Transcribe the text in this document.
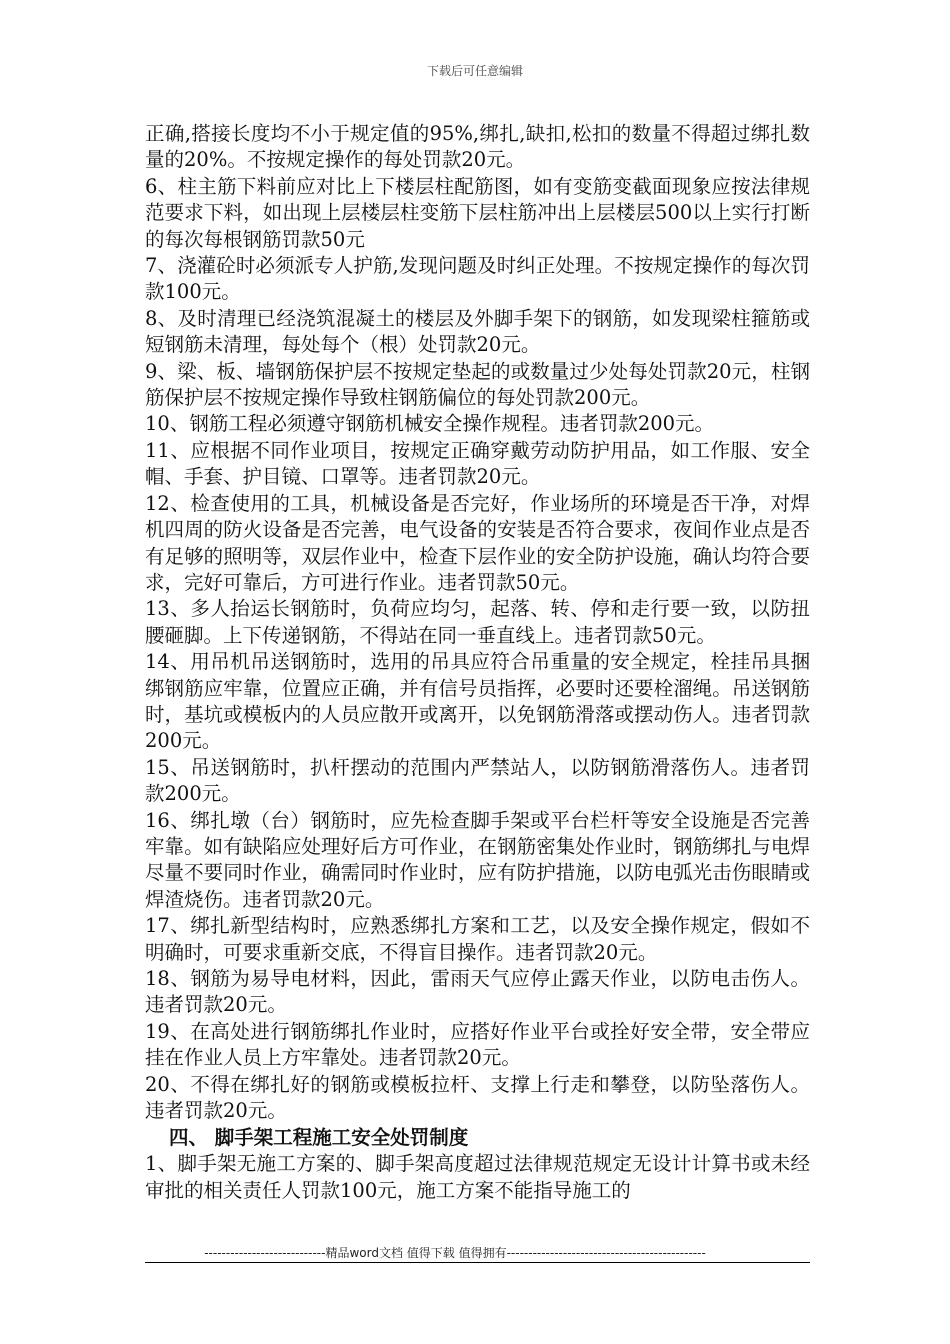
下载后可任意编辑

正确,搭接长度均不小于规定值的95%,绑扎,缺扣,松扣的数量不得超过绑扎数量的20%。不按规定操作的每处罚款20元。

6、柱主筋下料前应对比上下楼层柱配筋图，如有变筋变截面现象应按法律规范要求下料，如出现上层楼层柱变筋下层柱筋冲出上层楼层500以上实行打断的每次每根钢筋罚款50元

7、浇灌砼时必须派专人护筋,发现问题及时纠正处理。不按规定操作的每次罚款100元。

8、及时清理已经浇筑混凝土的楼层及外脚手架下的钢筋，如发现梁柱箍筋或短钢筋未清理，每处每个（根）处罚款20元。

9、梁、板、墙钢筋保护层不按规定垫起的或数量过少处每处罚款20元，柱钢筋保护层不按规定操作导致柱钢筋偏位的每处罚款200元。

10、钢筋工程必须遵守钢筋机械安全操作规程。违者罚款200元。

11、应根据不同作业项目，按规定正确穿戴劳动防护用品，如工作服、安全帽、手套、护目镜、口罩等。违者罚款20元。

12、检查使用的工具，机械设备是否完好，作业场所的环境是否干净，对焊机四周的防火设备是否完善，电气设备的安装是否符合要求，夜间作业点是否有足够的照明等，双层作业中，检查下层作业的安全防护设施，确认均符合要求，完好可靠后，方可进行作业。违者罚款50元。

13、多人抬运长钢筋时，负荷应均匀，起落、转、停和走行要一致，以防扭腰砸脚。上下传递钢筋，不得站在同一垂直线上。违者罚款50元。

14、用吊机吊送钢筋时，选用的吊具应符合吊重量的安全规定，栓挂吊具捆绑钢筋应牢靠，位置应正确，并有信号员指挥，必要时还要栓溜绳。吊送钢筋时，基坑或模板内的人员应散开或离开，以免钢筋滑落或摆动伤人。违者罚款200元。

15、吊送钢筋时，扒杆摆动的范围内严禁站人，以防钢筋滑落伤人。违者罚款200元。

16、绑扎墩（台）钢筋时，应先检查脚手架或平台栏杆等安全设施是否完善牢靠。如有缺陷应处理好后方可作业，在钢筋密集处作业时，钢筋绑扎与电焊尽量不要同时作业，确需同时作业时，应有防护措施，以防电弧光击伤眼睛或焊渣烧伤。违者罚款20元。

17、绑扎新型结构时，应熟悉绑扎方案和工艺，以及安全操作规定，假如不明确时，可要求重新交底，不得盲目操作。违者罚款20元。

18、钢筋为易导电材料，因此，雷雨天气应停止露天作业，以防电击伤人。违者罚款20元。

19、在高处进行钢筋绑扎作业时，应搭好作业平台或拴好安全带，安全带应挂在作业人员上方牢靠处。违者罚款20元。

20、不得在绑扎好的钢筋或模板拉杆、支撑上行走和攀登，以防坠落伤人。违者罚款20元。

四、 脚手架工程施工安全处罚制度

1、脚手架无施工方案的、脚手架高度超过法律规范规定无设计计算书或未经审批的相关责任人罚款100元，施工方案不能指导施工的

----------------------------精品word文档 值得下载 值得拥有----------------------------------------------
